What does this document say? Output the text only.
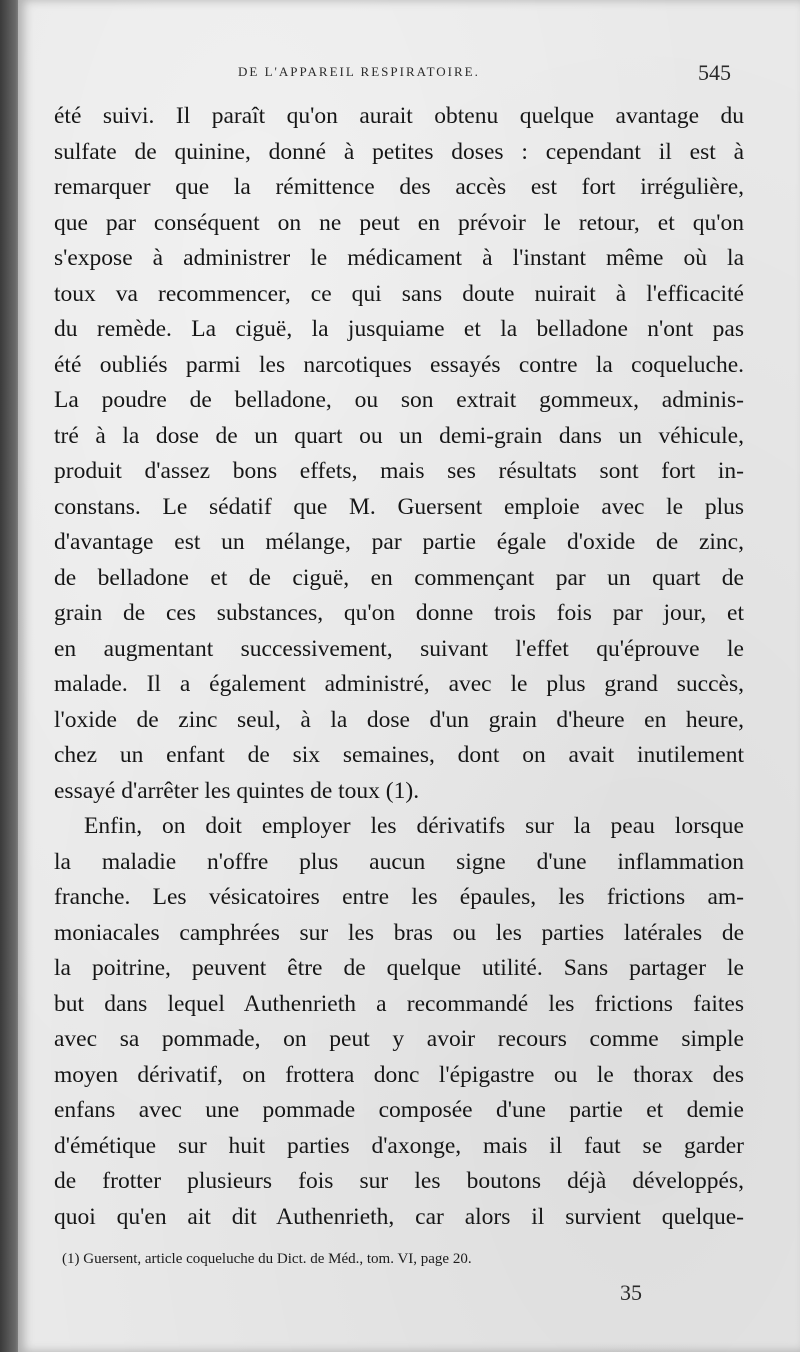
DE L'APPAREIL RESPIRATOIRE.	545
été suivi. Il paraît qu'on aurait obtenu quelque avantage du
sulfate de quinine, donné à petites doses : cependant il est à
remarquer que la rémittence des accès est fort irrégulière,
que par conséquent on ne peut en prévoir le retour, et qu'on
s'expose à administrer le médicament à l'instant même où la
toux va recommencer, ce qui sans doute nuirait à l'efficacité
du remède. La ciguë, la jusquiame et la belladone n'ont pas
été oubliés parmi les narcotiques essayés contre la coqueluche.
La poudre de belladone, ou son extrait gommeux, adminis-
tré à la dose de un quart ou un demi-grain dans un véhicule,
produit d'assez bons effets, mais ses résultats sont fort in-
constans. Le sédatif que M. Guersent emploie avec le plus
d'avantage est un mélange, par partie égale d'oxide de zinc,
de belladone et de ciguë, en commençant par un quart de
grain de ces substances, qu'on donne trois fois par jour, et
en augmentant successivement, suivant l'effet qu'éprouve le
malade. Il a également administré, avec le plus grand succès,
l'oxide de zinc seul, à la dose d'un grain d'heure en heure,
chez un enfant de six semaines, dont on avait inutilement
essayé d'arrêter les quintes de toux (1).
Enfin, on doit employer les dérivatifs sur la peau lorsque
la maladie n'offre plus aucun signe d'une inflammation
franche. Les vésicatoires entre les épaules, les frictions am-
moniacales camphrées sur les bras ou les parties latérales de
la poitrine, peuvent être de quelque utilité. Sans partager le
but dans lequel Authenrieth a recommandé les frictions faites
avec sa pommade, on peut y avoir recours comme simple
moyen dérivatif, on frottera donc l'épigastre ou le thorax des
enfans avec une pommade composée d'une partie et demie
d'émétique sur huit parties d'axonge, mais il faut se garder
de frotter plusieurs fois sur les boutons déjà développés,
quoi qu'en ait dit Authenrieth, car alors il survient quelque-
(1) Guersent, article coqueluche du Dict. de Méd., tom. VI, page 20.
35
